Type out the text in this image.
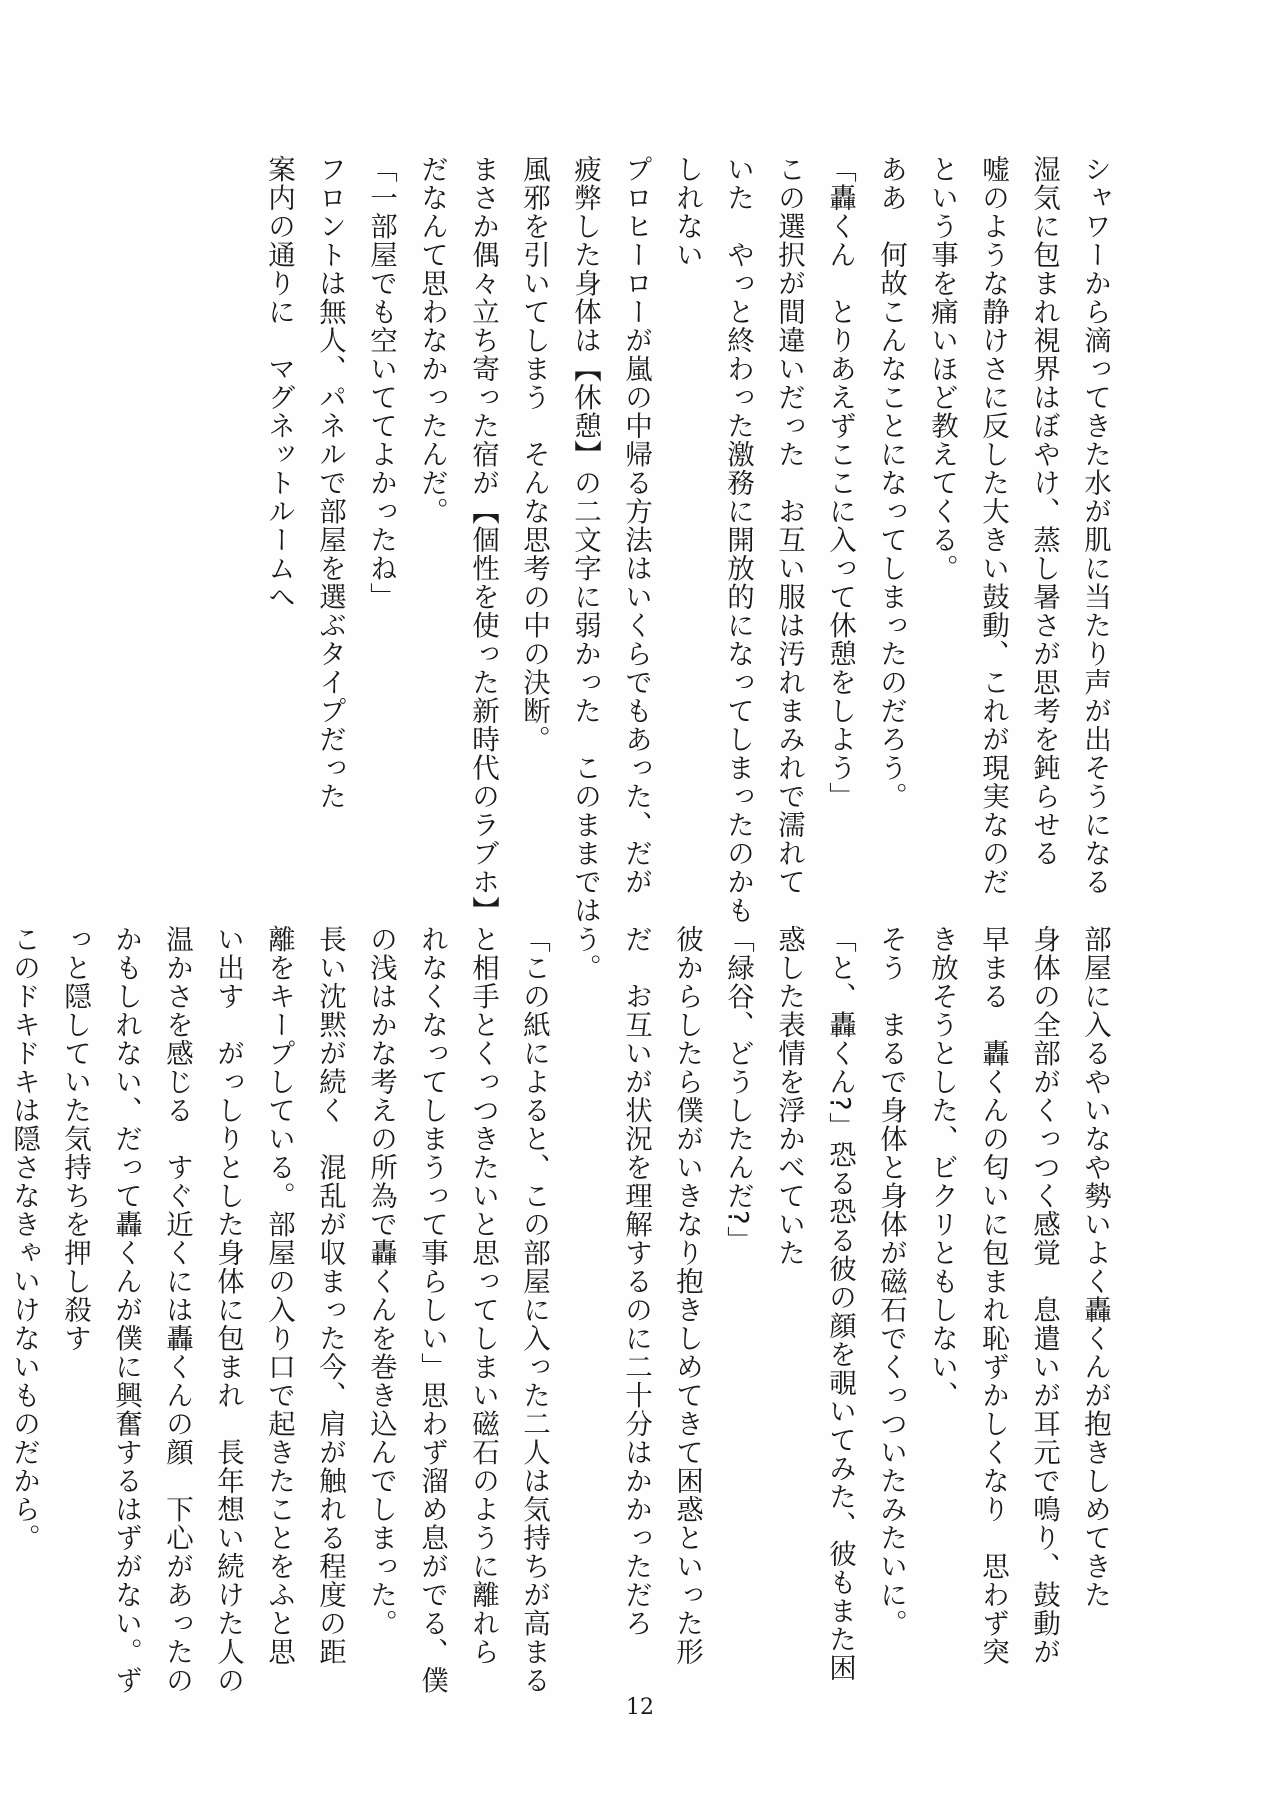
シャワーから滴ってきた水が肌に当たり声が出そうになる
湿気に包まれ視界はぼやけ、蒸し暑さが思考を鈍らせる
嘘のような静けさに反した大きい鼓動、これが現実なのだ
という事を痛いほど教えてくる。
ああ　何故こんなことになってしまったのだろう。
「轟くん　とりあえずここに入って休憩をしよう」
この選択が間違いだった　お互い服は汚れまみれで濡れて
いた　やっと終わった激務に開放的になってしまったのかも
しれない
プロヒーローが嵐の中帰る方法はいくらでもあった、だが
疲弊した身体は【休憩】の二文字に弱かった　このままでは
風邪を引いてしまう　そんな思考の中の決断。
まさか偶々立ち寄った宿が【個性を使った新時代のラブホ】
だなんて思わなかったんだ。
「一部屋でも空いててよかったね」
フロントは無人、パネルで部屋を選ぶタイプだった
案内の通りに　マグネットルームへ
部屋に入るやいなや勢いよく轟くんが抱きしめてきた
身体の全部がくっつく感覚　息遣いが耳元で鳴り、鼓動が
早まる　轟くんの匂いに包まれ恥ずかしくなり　思わず突
き放そうとした、ビクリともしない、
そう　まるで身体と身体が磁石でくっついたみたいに。
「と、轟くん?」恐る恐る彼の顔を覗いてみた、彼もまた困
惑した表情を浮かべていた
「緑谷、どうしたんだ?」
彼からしたら僕がいきなり抱きしめてきて困惑といった形
だ　お互いが状況を理解するのに二十分はかかっただろ
う。
「この紙によると、この部屋に入った二人は気持ちが高まる
と相手とくっつきたいと思ってしまい磁石のように離れら
れなくなってしまうって事らしい」思わず溜め息がでる、僕
の浅はかな考えの所為で轟くんを巻き込んでしまった。
長い沈黙が続く　混乱が収まった今、肩が触れる程度の距
離をキープしている。部屋の入り口で起きたことをふと思
い出す　がっしりとした身体に包まれ　長年想い続けた人の
温かさを感じる　すぐ近くには轟くんの顔　下心があったの
かもしれない、だって轟くんが僕に興奮するはずがない。ず
っと隠していた気持ちを押し殺す
このドキドキは隠さなきゃいけないものだから。
12
